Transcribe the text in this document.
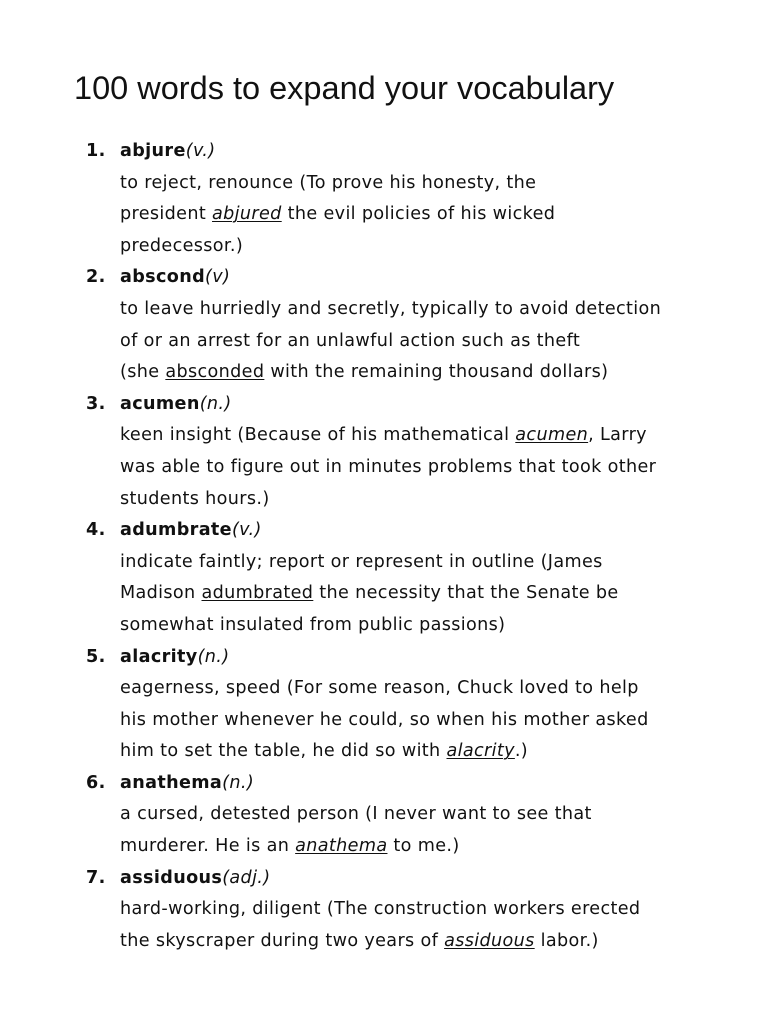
100 words to expand your vocabulary
1. abjure(v.)
to reject, renounce (To prove his honesty, the
president abjured the evil policies of his wicked
predecessor.)
2. abscond(v)
to leave hurriedly and secretly, typically to avoid detection
of or an arrest for an unlawful action such as theft
(she absconded with the remaining thousand dollars)
3. acumen(n.)
keen insight (Because of his mathematical acumen, Larry
was able to figure out in minutes problems that took other
students hours.)
4. adumbrate(v.)
indicate faintly; report or represent in outline (James
Madison adumbrated the necessity that the Senate be
somewhat insulated from public passions)
5. alacrity(n.)
eagerness, speed (For some reason, Chuck loved to help
his mother whenever he could, so when his mother asked
him to set the table, he did so with alacrity.)
6. anathema(n.)
a cursed, detested person (I never want to see that
murderer. He is an anathema to me.)
7. assiduous(adj.)
hard-working, diligent (The construction workers erected
the skyscraper during two years of assiduous labor.)
